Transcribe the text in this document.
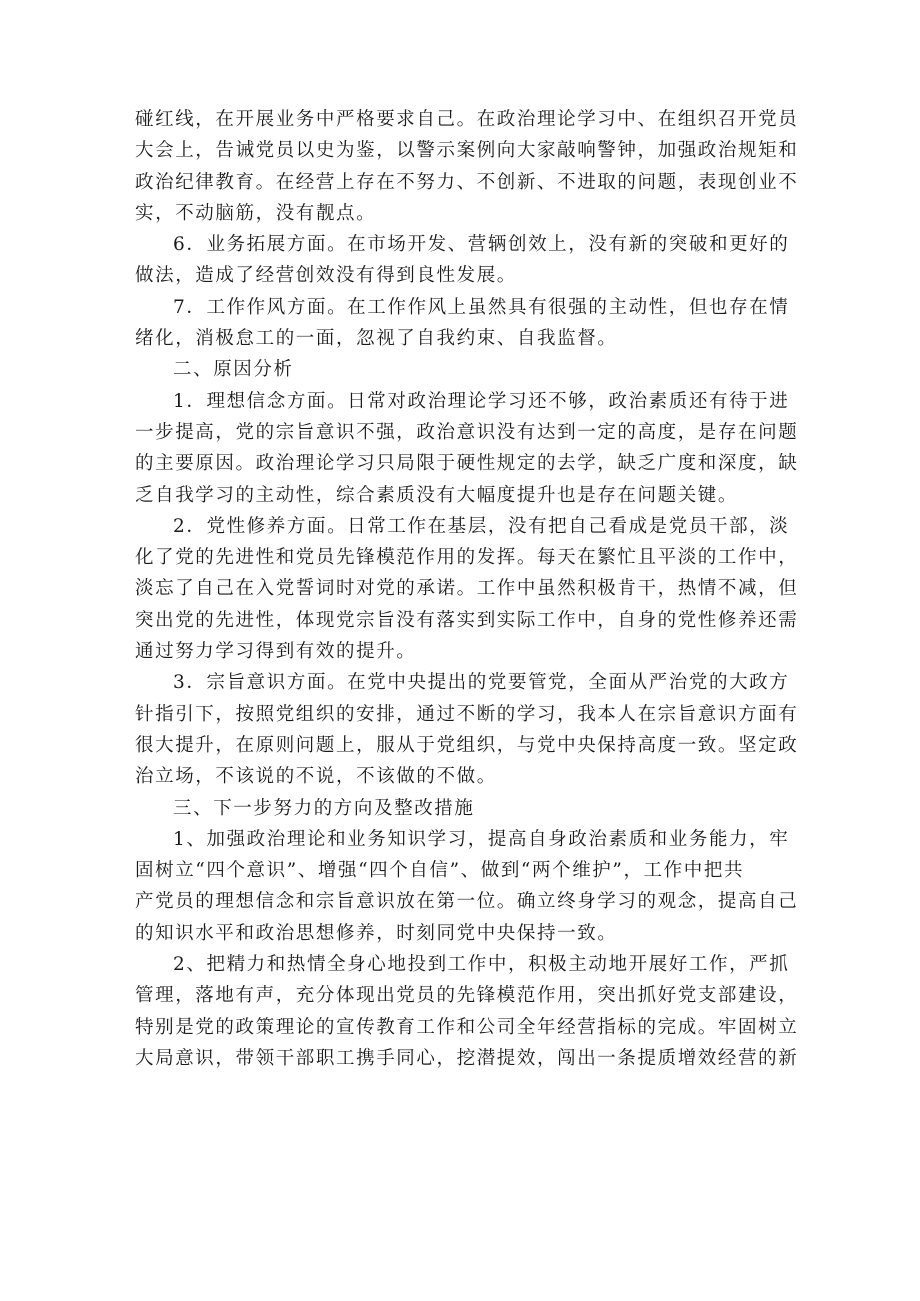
碰红线，在开展业务中严格要求自己。在政治理论学习中、在组织召开党员
大会上，告诫党员以史为鉴，以警示案例向大家敲响警钟，加强政治规矩和
政治纪律教育。在经营上存在不努力、不创新、不进取的问题，表现创业不
实，不动脑筋，没有靓点。
6．业务拓展方面。在市场开发、营辆创效上，没有新的突破和更好的
做法，造成了经营创效没有得到良性发展。
7．工作作风方面。在工作作风上虽然具有很强的主动性，但也存在情
绪化，消极怠工的一面，忽视了自我约束、自我监督。
二、原因分析
1．理想信念方面。日常对政治理论学习还不够，政治素质还有待于进
一步提高，党的宗旨意识不强，政治意识没有达到一定的高度，是存在问题
的主要原因。政治理论学习只局限于硬性规定的去学，缺乏广度和深度，缺
乏自我学习的主动性，综合素质没有大幅度提升也是存在问题关键。
2．党性修养方面。日常工作在基层，没有把自己看成是党员干部，淡
化了党的先进性和党员先锋模范作用的发挥。每天在繁忙且平淡的工作中，
淡忘了自己在入党誓词时对党的承诺。工作中虽然积极肯干，热情不减，但
突出党的先进性，体现党宗旨没有落实到实际工作中，自身的党性修养还需
通过努力学习得到有效的提升。
3．宗旨意识方面。在党中央提出的党要管党，全面从严治党的大政方
针指引下，按照党组织的安排，通过不断的学习，我本人在宗旨意识方面有
很大提升，在原则问题上，服从于党组织，与党中央保持高度一致。坚定政
治立场，不该说的不说，不该做的不做。
三、下一步努力的方向及整改措施
1、加强政治理论和业务知识学习，提高自身政治素质和业务能力，牢
固树立“四个意识”、增强“四个自信”、做到“两个维护”，工作中把共
产党员的理想信念和宗旨意识放在第一位。确立终身学习的观念，提高自己
的知识水平和政治思想修养，时刻同党中央保持一致。
2、把精力和热情全身心地投到工作中，积极主动地开展好工作，严抓
管理，落地有声，充分体现出党员的先锋模范作用，突出抓好党支部建设，
特别是党的政策理论的宣传教育工作和公司全年经营指标的完成。牢固树立
大局意识，带领干部职工携手同心，挖潜提效，闯出一条提质增效经营的新
